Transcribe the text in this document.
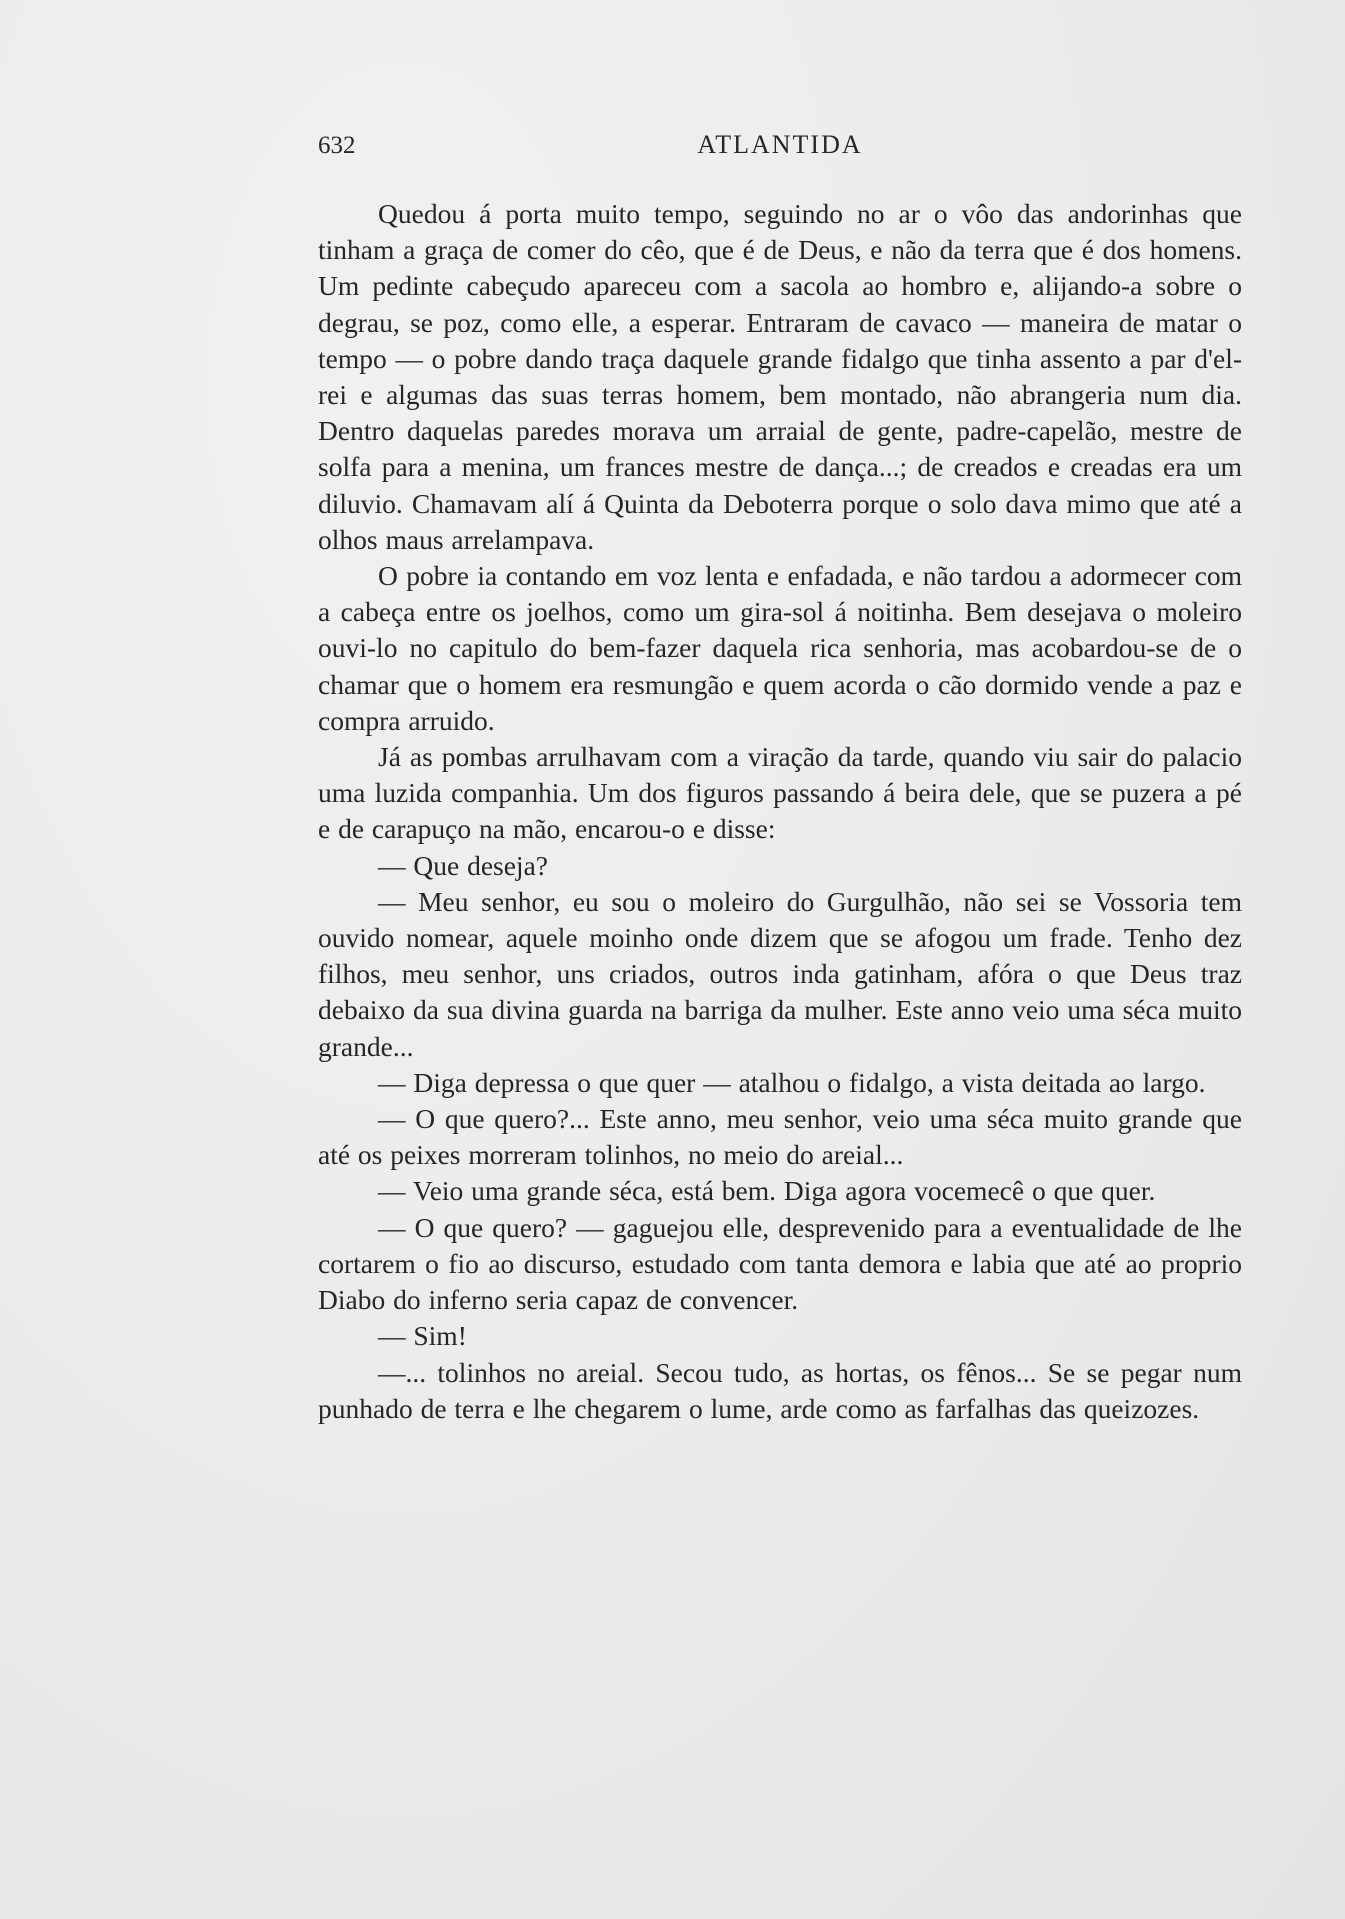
632	ATLANTIDA

Quedou á porta muito tempo, seguindo no ar o vôo das andorinhas que tinham a graça de comer do cêo, que é de Deus, e não da terra que é dos homens. Um pedinte cabeçudo apareceu com a sacola ao hombro e, alijando-a sobre o degrau, se poz, como elle, a esperar. Entraram de cavaco — maneira de matar o tempo — o pobre dando traça daquele grande fidalgo que tinha assento a par d'el-rei e algumas das suas terras homem, bem montado, não abrangeria num dia. Dentro daquelas paredes morava um arraial de gente, padre-capelão, mestre de solfa para a menina, um frances mestre de dança...; de creados e creadas era um diluvio. Chamavam alí á Quinta da Deboterra porque o solo dava mimo que até a olhos maus arrelampava.

O pobre ia contando em voz lenta e enfadada, e não tardou a adormecer com a cabeça entre os joelhos, como um gira-sol á noitinha. Bem desejava o moleiro ouvi-lo no capitulo do bem-fazer daquela rica senhoria, mas acobardou-se de o chamar que o homem era resmungão e quem acorda o cão dormido vende a paz e compra arruido.

Já as pombas arrulhavam com a viração da tarde, quando viu sair do palacio uma luzida companhia. Um dos figuros passando á beira dele, que se puzera a pé e de carapuço na mão, encarou-o e disse:

— Que deseja?

— Meu senhor, eu sou o moleiro do Gurgulhão, não sei se Vossoria tem ouvido nomear, aquele moinho onde dizem que se afogou um frade. Tenho dez filhos, meu senhor, uns criados, outros inda gatinham, afóra o que Deus traz debaixo da sua divina guarda na barriga da mulher. Este anno veio uma séca muito grande...

— Diga depressa o que quer — atalhou o fidalgo, a vista deitada ao largo.

— O que quero?... Este anno, meu senhor, veio uma séca muito grande que até os peixes morreram tolinhos, no meio do areial...

— Veio uma grande séca, está bem. Diga agora vocemecê o que quer.

— O que quero? — gaguejou elle, desprevenido para a eventualidade de lhe cortarem o fio ao discurso, estudado com tanta demora e labia que até ao proprio Diabo do inferno seria capaz de convencer.

— Sim!

—... tolinhos no areial. Secou tudo, as hortas, os fênos... Se se pegar num punhado de terra e lhe chegarem o lume, arde como as farfalhas das queizozes.
